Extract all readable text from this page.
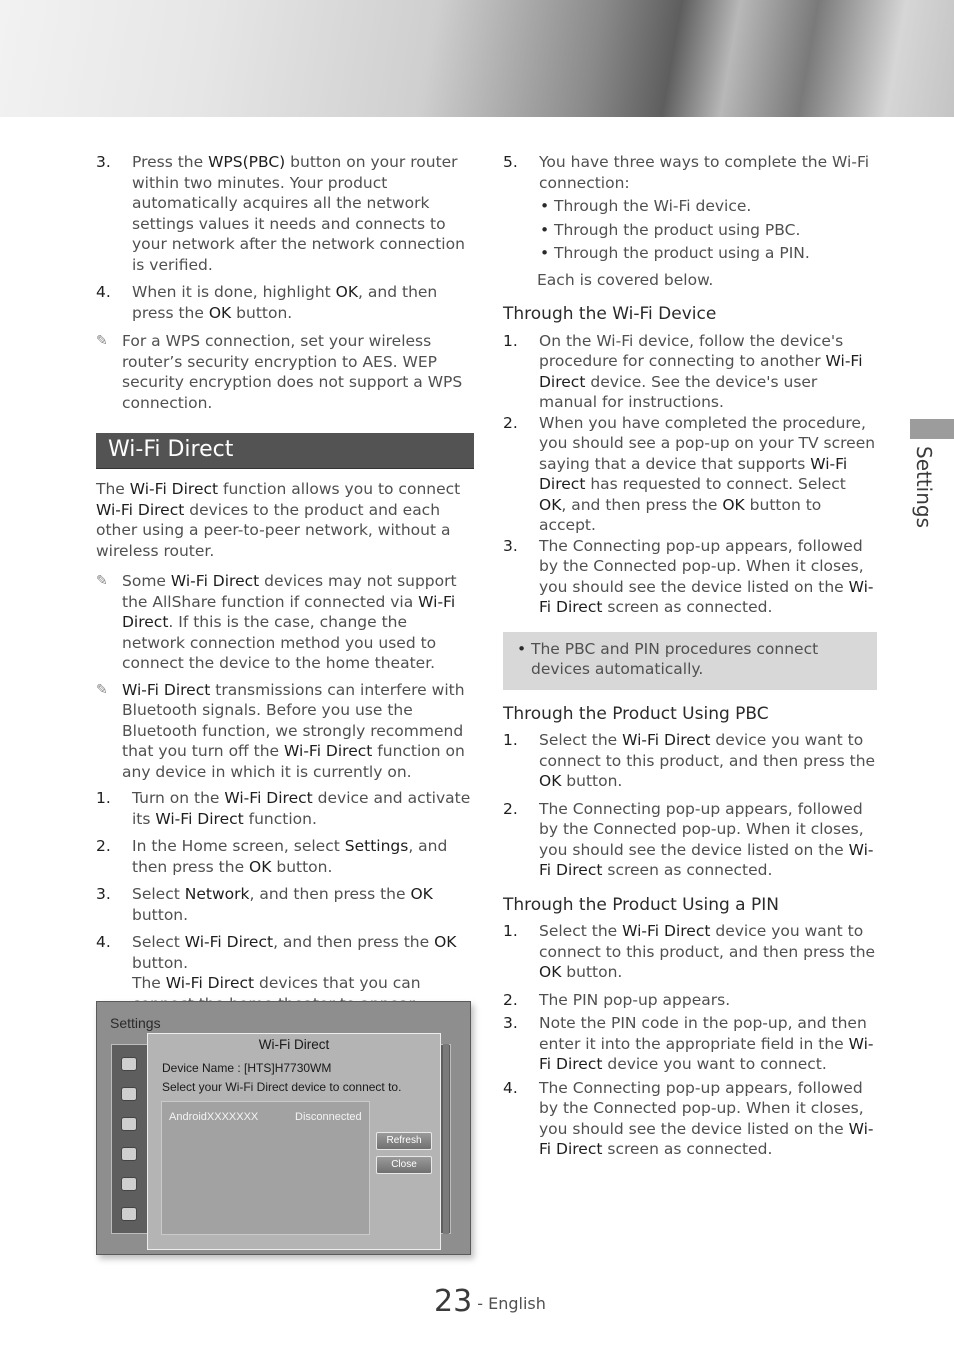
3. Press the WPS(PBC) button on your router within two minutes. Your product automatically acquires all the network settings values it needs and connects to your network after the network connection is verified.
4. When it is done, highlight OK, and then press the OK button.
✎ For a WPS connection, set your wireless router’s security encryption to AES. WEP security encryption does not support a WPS connection.
Wi-Fi Direct
The Wi-Fi Direct function allows you to connect Wi-Fi Direct devices to the product and each other using a peer-to-peer network, without a wireless router.
✎ Some Wi-Fi Direct devices may not support the AllShare function if connected via Wi-Fi Direct. If this is the case, change the network connection method you used to connect the device to the home theater.
✎ Wi-Fi Direct transmissions can interfere with Bluetooth signals. Before you use the Bluetooth function, we strongly recommend that you turn off the Wi-Fi Direct function on any device in which it is currently on.
1. Turn on the Wi-Fi Direct device and activate its Wi-Fi Direct function.
2. In the Home screen, select Settings, and then press the OK button.
3. Select Network, and then press the OK button.
4. Select Wi-Fi Direct, and then press the OK button.
The Wi-Fi Direct devices that you can
Settings
Wi-Fi Direct
Device Name : [HTS]H7730WM
Select your Wi-Fi Direct device to connect to.
AndroidXXXXXXX	Disconnected
Refresh
Close
5. You have three ways to complete the Wi-Fi connection:
• Through the Wi-Fi device.
• Through the product using PBC.
• Through the product using a PIN.
Each is covered below.
Through the Wi-Fi Device
1. On the Wi-Fi device, follow the device's procedure for connecting to another Wi-Fi Direct device. See the device's user manual for instructions.
2. When you have completed the procedure, you should see a pop-up on your TV screen saying that a device that supports Wi-Fi Direct has requested to connect. Select OK, and then press the OK button to accept.
3. The Connecting pop-up appears, followed by the Connected pop-up. When it closes, you should see the device listed on the Wi-Fi Direct screen as connected.
• The PBC and PIN procedures connect devices automatically.
Through the Product Using PBC
1. Select the Wi-Fi Direct device you want to connect to this product, and then press the OK button.
2. The Connecting pop-up appears, followed by the Connected pop-up. When it closes, you should see the device listed on the Wi-Fi Direct screen as connected.
Through the Product Using a PIN
1. Select the Wi-Fi Direct device you want to connect to this product, and then press the OK button.
2. The PIN pop-up appears.
3. Note the PIN code in the pop-up, and then enter it into the appropriate field in the Wi-Fi Direct device you want to connect.
4. The Connecting pop-up appears, followed by the Connected pop-up. When it closes, you should see the device listed on the Wi-Fi Direct screen as connected.
Settings
23 - English
